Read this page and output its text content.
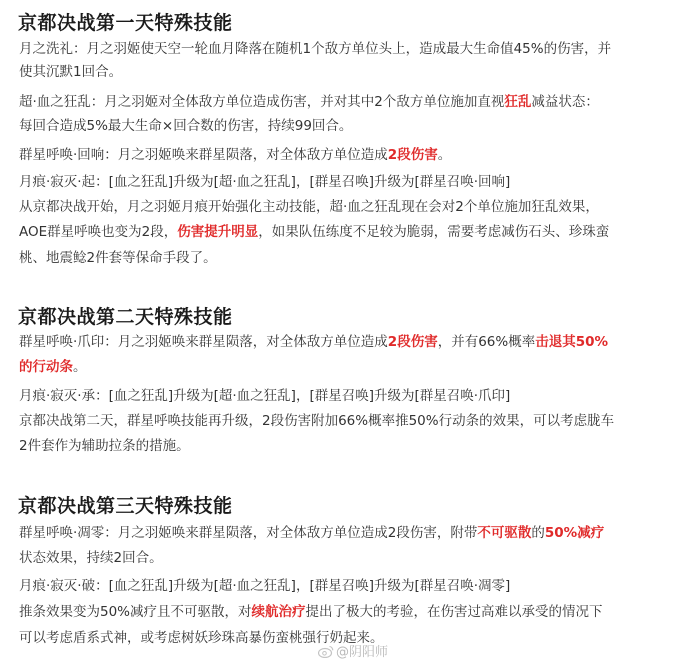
京都决战第一天特殊技能
月之洗礼：月之羽姬使天空一轮血月降落在随机1个敌方单位头上，造成最大生命值45%的伤害，并
使其沉默1回合。
超·血之狂乱：月之羽姬对全体敌方单位造成伤害，并对其中2个敌方单位施加直视狂乱减益状态：
每回合造成5%最大生命×回合数的伤害，持续99回合。
群星呼唤·回响：月之羽姬唤来群星陨落，对全体敌方单位造成2段伤害。
月痕·寂灭·起：[血之狂乱]升级为[超·血之狂乱]，[群星召唤]升级为[群星召唤·回响]
从京都决战开始，月之羽姬月痕开始强化主动技能，超·血之狂乱现在会对2个单位施加狂乱效果，
AOE群星呼唤也变为2段，伤害提升明显，如果队伍练度不足较为脆弱，需要考虑减伤石头、珍珠蛮
桃、地震鲶2件套等保命手段了。
京都决战第二天特殊技能
群星呼唤·爪印：月之羽姬唤来群星陨落，对全体敌方单位造成2段伤害，并有66%概率击退其50%
的行动条。
月痕·寂灭·承：[血之狂乱]升级为[超·血之狂乱]，[群星召唤]升级为[群星召唤·爪印]
京都决战第二天，群星呼唤技能再升级，2段伤害附加66%概率推50%行动条的效果，可以考虑胧车
2件套作为辅助拉条的措施。
京都决战第三天特殊技能
群星呼唤·凋零：月之羽姬唤来群星陨落，对全体敌方单位造成2段伤害，附带不可驱散的50%减疗
状态效果，持续2回合。
月痕·寂灭·破：[血之狂乱]升级为[超·血之狂乱]，[群星召唤]升级为[群星召唤·凋零]
推条效果变为50%减疗且不可驱散，对续航治疗提出了极大的考验，在伤害过高难以承受的情况下
可以考虑盾系式神，或考虑树妖珍珠高暴伤蛮桃强行奶起来。
@阴阳师
